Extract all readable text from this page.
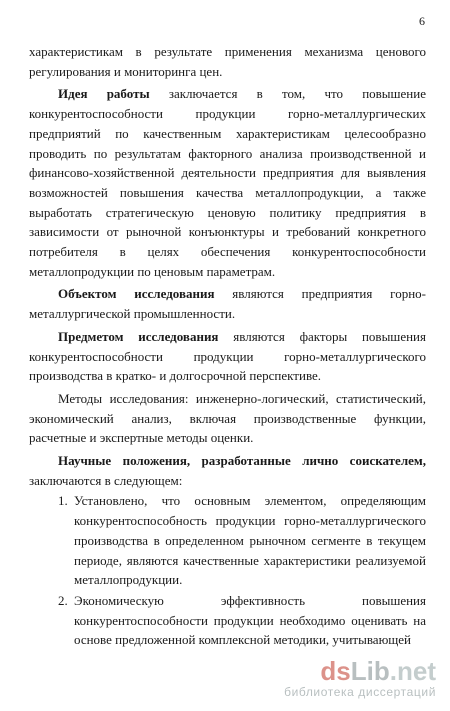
6

характеристикам в результате применения механизма ценового регулирования и мониторинга цен.

Идея работы заключается в том, что повышение конкурентоспособности продукции горно-металлургических предприятий по качественным характеристикам целесообразно проводить по результатам факторного анализа производственной и финансово-хозяйственной деятельности предприятия для выявления возможностей повышения качества металлопродукции, а также выработать стратегическую ценовую политику предприятия в зависимости от рыночной конъюнктуры и требований конкретного потребителя в целях обеспечения конкурентоспособности металлопродукции по ценовым параметрам.

Объектом исследования являются предприятия горно-металлургической промышленности.

Предметом исследования являются факторы повышения конкурентоспособности продукции горно-металлургического производства в кратко- и долгосрочной перспективе.

Методы исследования: инженерно-логический, статистический, экономический анализ, включая производственные функции, расчетные и экспертные методы оценки.

Научные положения, разработанные лично соискателем, заключаются в следующем:

1. Установлено, что основным элементом, определяющим конкурентоспособность продукции горно-металлургического производства в определенном рыночном сегменте в текущем периоде, являются качественные характеристики реализуемой металлопродукции.
2. Экономическую эффективность повышения конкурентоспособности продукции необходимо оценивать на основе предложенной комплексной методики, учитывающей
dsLib.net
библиотека диссертаций
